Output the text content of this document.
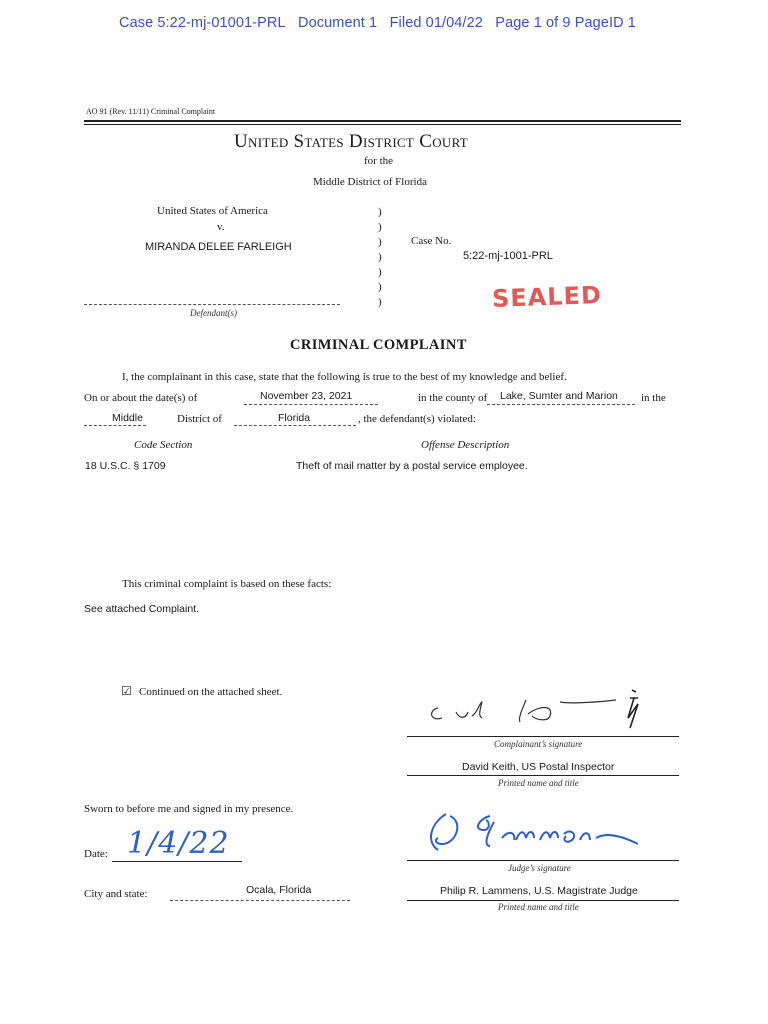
Case 5:22-mj-01001-PRL Document 1 Filed 01/04/22 Page 1 of 9 PageID 1
AO 91 (Rev. 11/11) Criminal Complaint
United States District Court
for the
Middle District of Florida
United States of America
v.
MIRANDA DELEE FARLEIGH
Defendant(s)
)
)
)
)
)
)
)
Case No.
5:22-mj-1001-PRL
SEALED
CRIMINAL COMPLAINT
I, the complainant in this case, state that the following is true to the best of my knowledge and belief.
On or about the date(s) of	November 23, 2021	in the county of Lake, Sumter and Marion in the
Middle	District of	Florida	, the defendant(s) violated:
Code Section	Offense Description
18 U.S.C. § 1709	Theft of mail matter by a postal service employee.
This criminal complaint is based on these facts:
See attached Complaint.
☑ Continued on the attached sheet.
Complainant’s signature
David Keith, US Postal Inspector
Printed name and title
Sworn to before me and signed in my presence.
Date: 1/4/22
Judge’s signature
City and state:	Ocala, Florida	Philip R. Lammens, U.S. Magistrate Judge
Printed name and title
